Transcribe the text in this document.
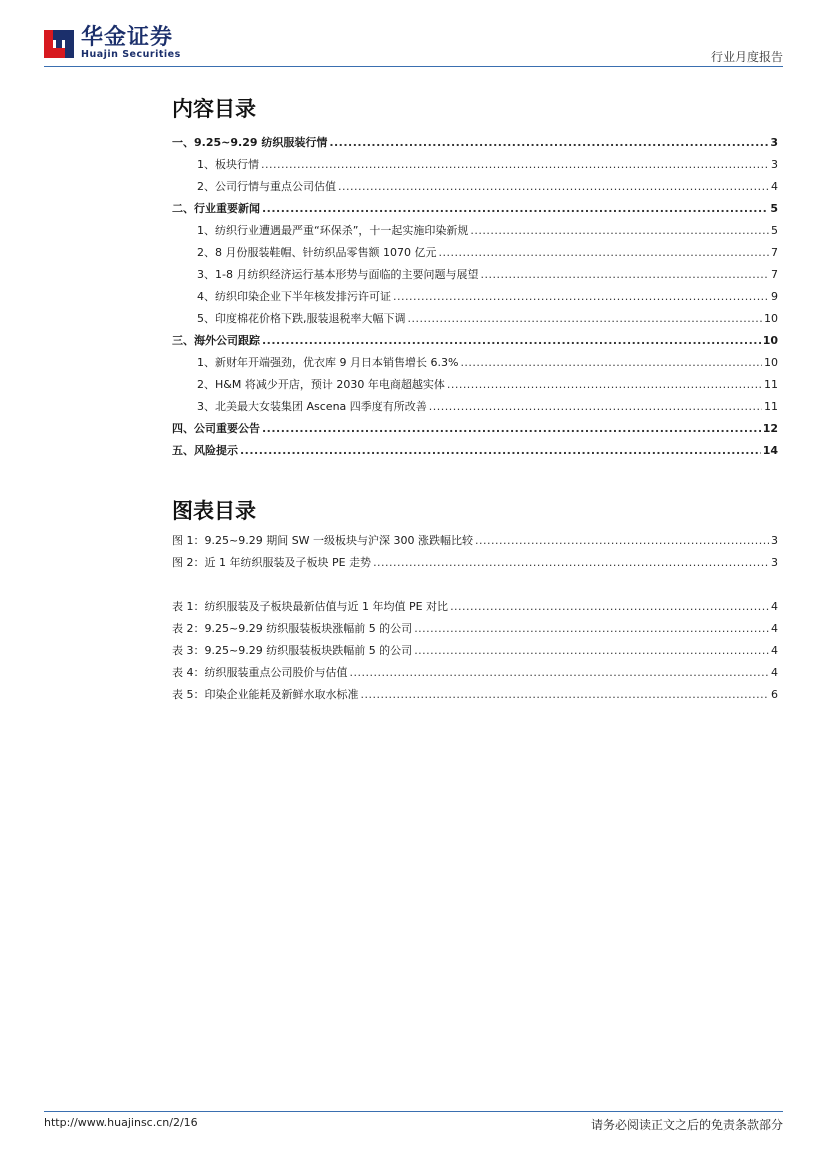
华金证券
Huajin Securities	行业月度报告
内容目录
一、9.25~9.29 纺织服装行情 .....	3
1、板块行情 .....	3
2、公司行情与重点公司估值 .....	4
二、行业重要新闻 .....	5
1、纺织行业遭遇最严重“环保杀”，十一起实施印染新规 .....	5
2、8 月份服装鞋帽、针纺织品零售额 1070 亿元 .....	7
3、1-8 月纺织经济运行基本形势与面临的主要问题与展望 .....	7
4、纺织印染企业下半年核发排污许可证 .....	9
5、印度棉花价格下跌,服装退税率大幅下调 .....	10
三、海外公司跟踪 .....	10
1、新财年开端强劲，优衣库 9 月日本销售增长 6.3% .....	10
2、H&M 将减少开店，预计 2030 年电商超越实体 .....	11
3、北美最大女装集团 Ascena 四季度有所改善 .....	11
四、公司重要公告 .....	12
五、风险提示 .....	14
图表目录
图 1：9.25~9.29 期间 SW 一级板块与沪深 300 涨跌幅比较 .....	3
图 2：近 1 年纺织服装及子板块 PE 走势 .....	3
表 1：纺织服装及子板块最新估值与近 1 年均值 PE 对比 .....	4
表 2：9.25~9.29 纺织服装板块涨幅前 5 的公司 .....	4
表 3：9.25~9.29 纺织服装板块跌幅前 5 的公司 .....	4
表 4：纺织服装重点公司股价与估值 .....	4
表 5：印染企业能耗及新鲜水取水标准 .....	6
http://www.huajinsc.cn/2/16	请务必阅读正文之后的免责条款部分
